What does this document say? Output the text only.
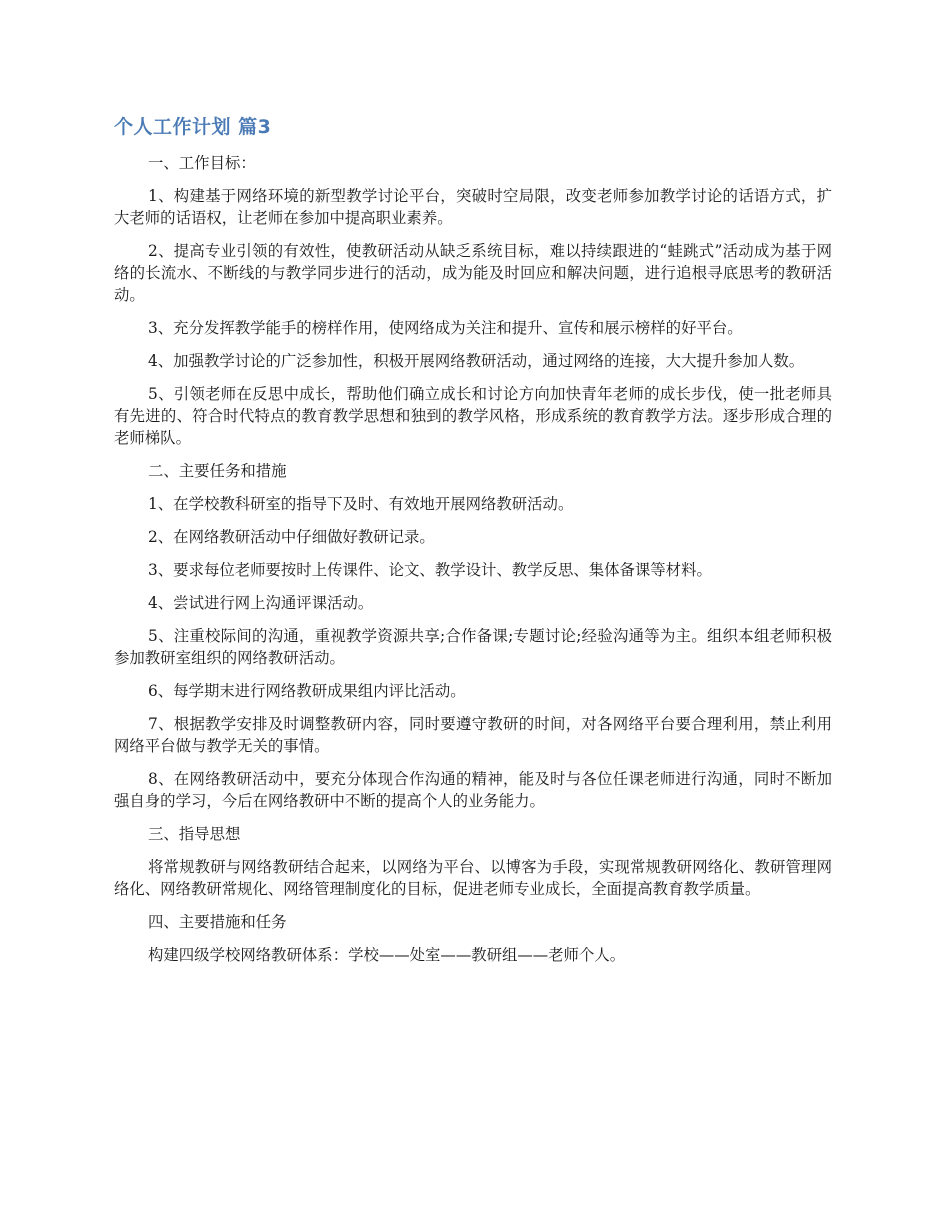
个人工作计划 篇3

一、工作目标：

1、构建基于网络环境的新型教学讨论平台，突破时空局限，改变老师参加教学讨论的话语方式，扩大老师的话语权，让老师在参加中提高职业素养。

2、提高专业引领的有效性，使教研活动从缺乏系统目标，难以持续跟进的“蛙跳式”活动成为基于网络的长流水、不断线的与教学同步进行的活动，成为能及时回应和解决问题，进行追根寻底思考的教研活动。

3、充分发挥教学能手的榜样作用，使网络成为关注和提升、宣传和展示榜样的好平台。

4、加强教学讨论的广泛参加性，积极开展网络教研活动，通过网络的连接，大大提升参加人数。

5、引领老师在反思中成长，帮助他们确立成长和讨论方向加快青年老师的成长步伐，使一批老师具有先进的、符合时代特点的教育教学思想和独到的教学风格，形成系统的教育教学方法。逐步形成合理的老师梯队。

二、主要任务和措施

1、在学校教科研室的指导下及时、有效地开展网络教研活动。

2、在网络教研活动中仔细做好教研记录。

3、要求每位老师要按时上传课件、论文、教学设计、教学反思、集体备课等材料。

4、尝试进行网上沟通评课活动。

5、注重校际间的沟通，重视教学资源共享;合作备课;专题讨论;经验沟通等为主。组织本组老师积极参加教研室组织的网络教研活动。

6、每学期末进行网络教研成果组内评比活动。

7、根据教学安排及时调整教研内容，同时要遵守教研的时间，对各网络平台要合理利用，禁止利用网络平台做与教学无关的事情。

8、在网络教研活动中，要充分体现合作沟通的精神，能及时与各位任课老师进行沟通，同时不断加强自身的学习，今后在网络教研中不断的提高个人的业务能力。

三、指导思想

将常规教研与网络教研结合起来，以网络为平台、以博客为手段，实现常规教研网络化、教研管理网络化、网络教研常规化、网络管理制度化的目标，促进老师专业成长，全面提高教育教学质量。

四、主要措施和任务

构建四级学校网络教研体系：学校——处室——教研组——老师个人。
